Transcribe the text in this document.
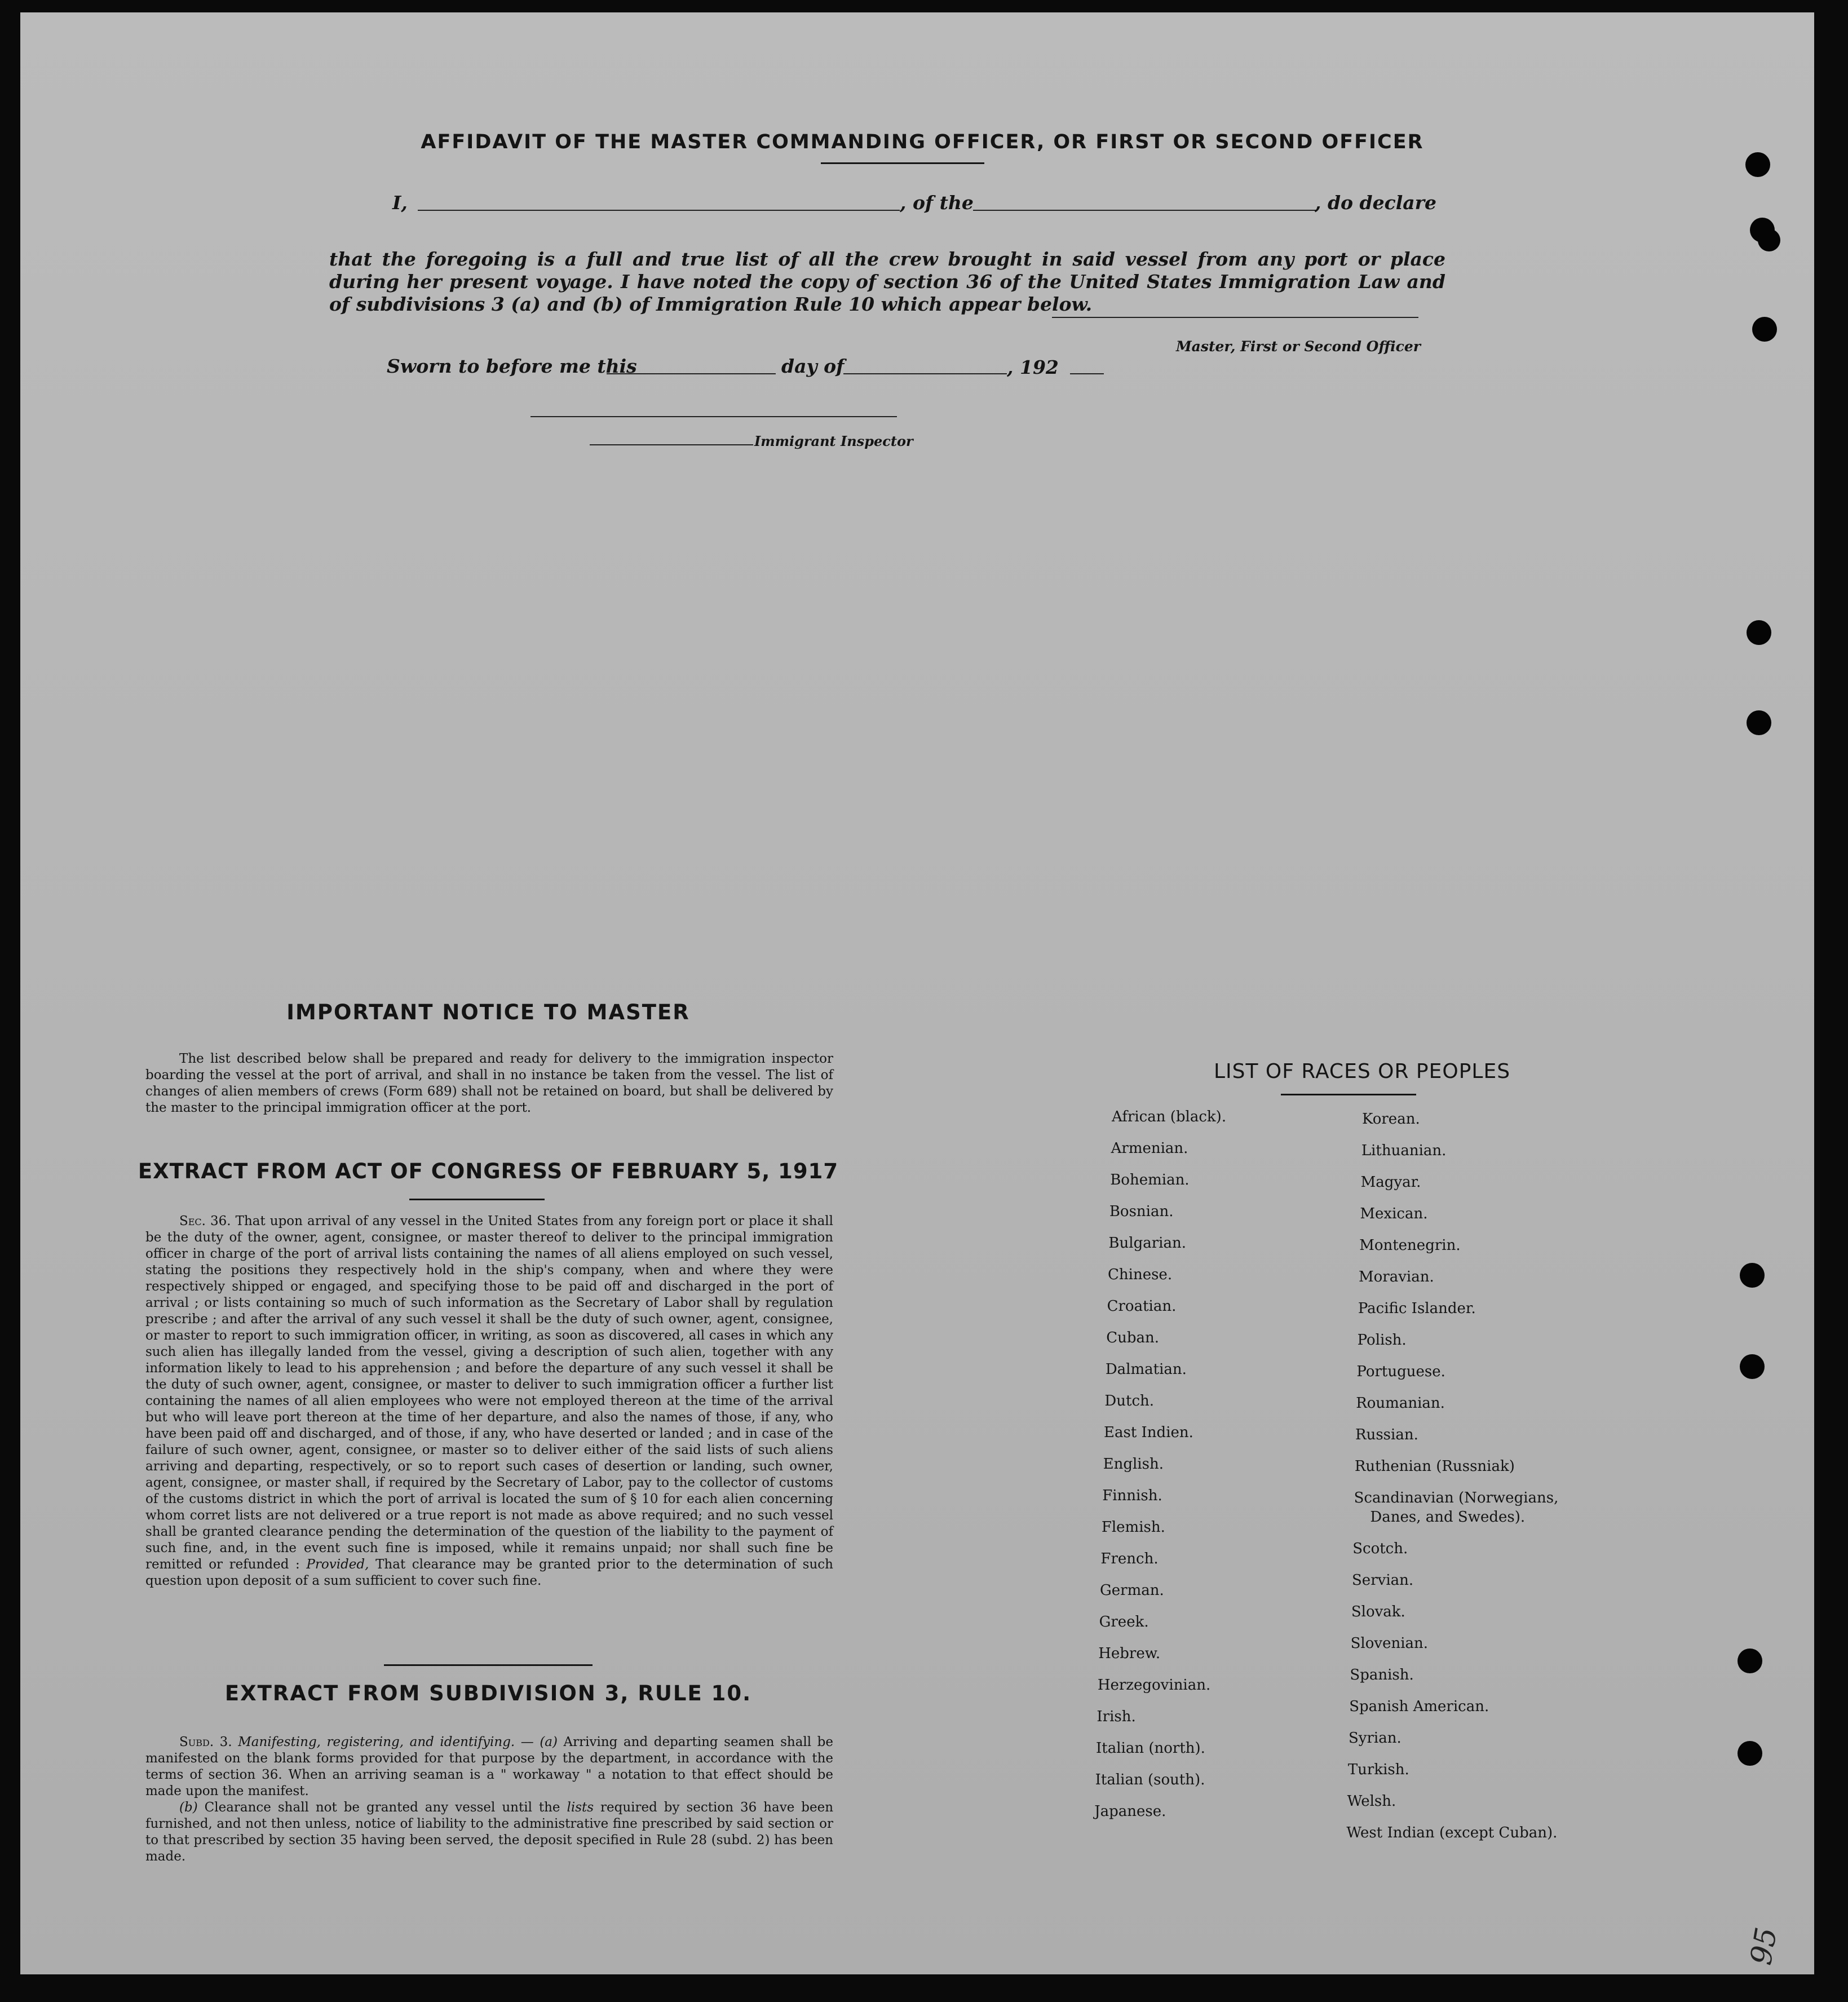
AFFIDAVIT OF THE MASTER COMMANDING OFFICER, OR FIRST OR SECOND OFFICER
I,	, of the	, do declare
that the foregoing is a full and true list of all the crew brought in said vessel from any port or place during her present voyage. I have noted the copy of section 36 of the United States Immigration Law and of subdivisions 3 (a) and (b) of Immigration Rule 10 which appear below.
Master, First or Second Officer
Sworn to before me this	day of	, 192
Immigrant Inspector
IMPORTANT NOTICE TO MASTER

The list described below shall be prepared and ready for delivery to the immigration inspector boarding the vessel at the port of arrival, and shall in no instance be taken from the vessel. The list of changes of alien members of crews (Form 689) shall not be retained on board, but shall be delivered by the master to the principal immigration officer at the port.

EXTRACT FROM ACT OF CONGRESS OF FEBRUARY 5, 1917

Sec. 36. That upon arrival of any vessel in the United States from any foreign port or place it shall be the duty of the owner, agent, consignee, or master thereof to deliver to the principal immigration officer in charge of the port of arrival lists containing the names of all aliens employed on such vessel, stating the positions they respectively hold in the ship's company, when and where they were respectively shipped or engaged, and specifying those to be paid off and discharged in the port of arrival ; or lists containing so much of such information as the Secretary of Labor shall by regulation prescribe ; and after the arrival of any such vessel it shall be the duty of such owner, agent, consignee, or master to report to such immigration officer, in writing, as soon as discovered, all cases in which any such alien has illegally landed from the vessel, giving a description of such alien, together with any information likely to lead to his apprehension ; and before the departure of any such vessel it shall be the duty of such owner, agent, consignee, or master to deliver to such immigration officer a further list containing the names of all alien employees who were not employed thereon at the time of the arrival but who will leave port thereon at the time of her departure, and also the names of those, if any, who have been paid off and discharged, and of those, if any, who have deserted or landed ; and in case of the failure of such owner, agent, consignee, or master so to deliver either of the said lists of such aliens arriving and departing, respectively, or so to report such cases of desertion or landing, such owner, agent, consignee, or master shall, if required by the Secretary of Labor, pay to the collector of customs of the customs district in which the port of arrival is located the sum of § 10 for each alien concerning whom corret lists are not delivered or a true report is not made as above required; and no such vessel shall be granted clearance pending the determination of the question of the liability to the payment of such fine, and, in the event such fine is imposed, while it remains unpaid; nor shall such fine be remitted or refunded : Provided, That clearance may be granted prior to the determination of such question upon deposit of a sum sufficient to cover such fine.

EXTRACT FROM SUBDIVISION 3, RULE 10.

Subd. 3. Manifesting, registering, and identifying. — (a) Arriving and departing seamen shall be manifested on the blank forms provided for that purpose by the department, in accordance with the terms of section 36. When an arriving seaman is a " workaway " a notation to that effect should be made upon the manifest.

(b) Clearance shall not be granted any vessel until the lists required by section 36 have been furnished, and not then unless, notice of liability to the administrative fine prescribed by said section or to that prescribed by section 35 having been served, the deposit specified in Rule 28 (subd. 2) has been made.

LIST OF RACES OR PEOPLES
African (black).
Armenian.
Bohemian.
Bosnian.
Bulgarian.
Chinese.
Croatian.
Cuban.
Dalmatian.
Dutch.
East Indien.
English.
Finnish.
Flemish.
French.
German.
Greek.
Hebrew.
Herzegovinian.
Irish.
Italian (north).
Italian (south).
Japanese.
Korean.
Lithuanian.
Magyar.
Mexican.
Montenegrin.
Moravian.
Pacific Islander.
Polish.
Portuguese.
Roumanian.
Russian.
Ruthenian (Russniak)
Scandinavian (Norwegians,
Danes, and Swedes).
Scotch.
Servian.
Slovak.
Slovenian.
Spanish.
Spanish American.
Syrian.
Turkish.
Welsh.
West Indian (except Cuban).
95
